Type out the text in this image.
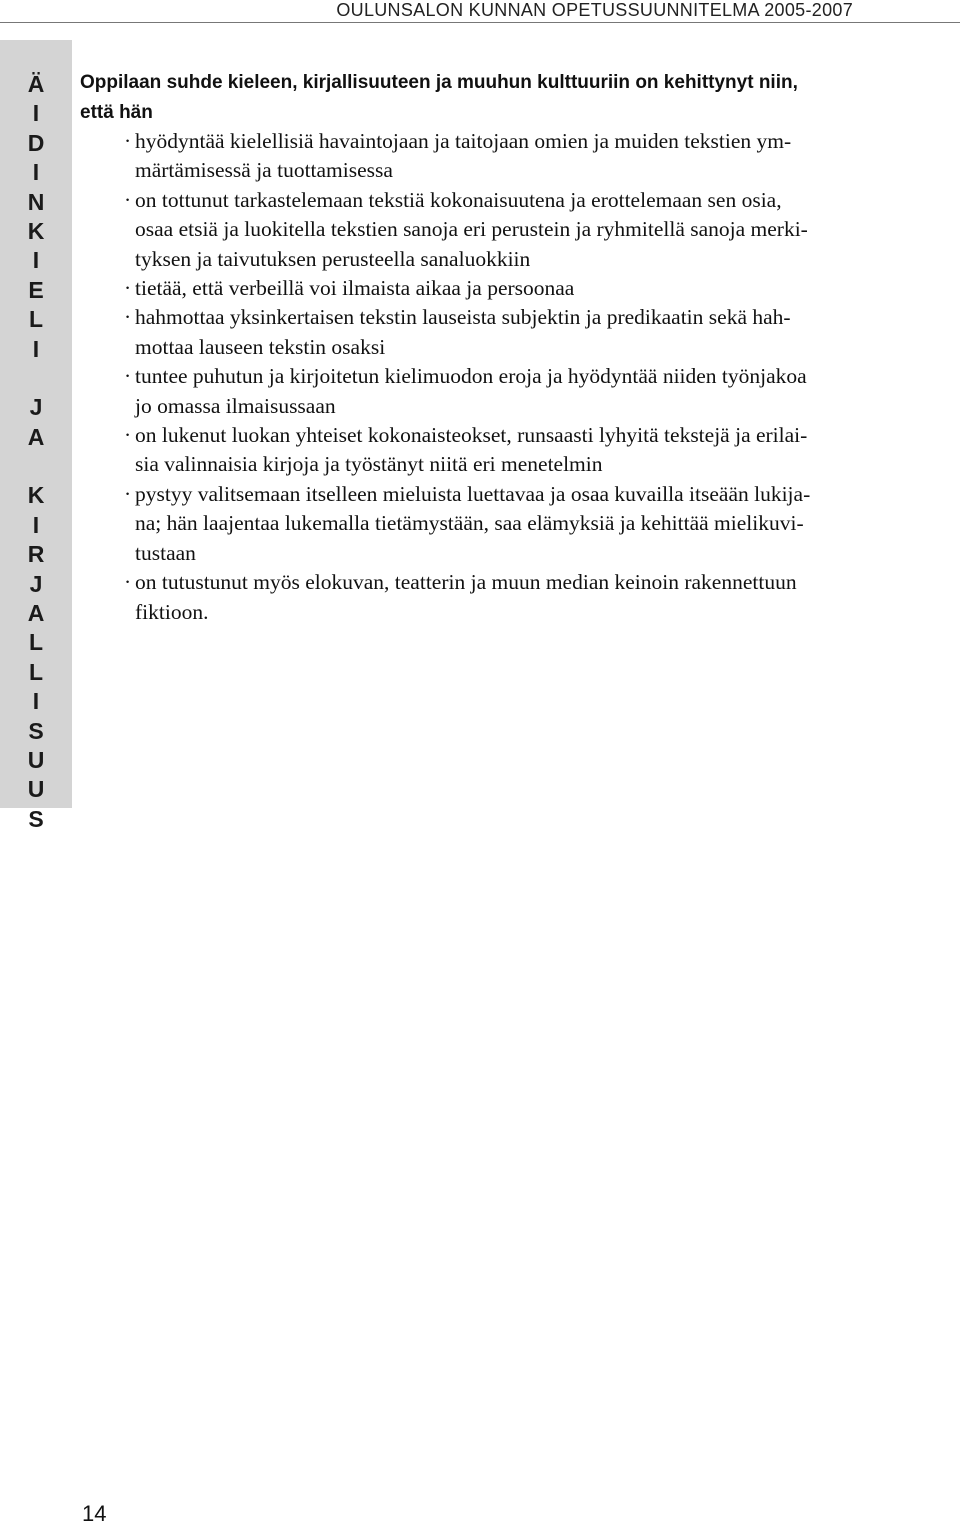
OULUNSALON KUNNAN OPETUSSUUNNITELMA 2005-2007
Ä
I
D
I
N
K
I
E
L
I
J
A
K
I
R
J
A
L
L
I
S
U
U
S

Oppilaan suhde kieleen, kirjallisuuteen ja muuhun kulttuuriin on kehittynyt niin,
että hän

· hyödyntää kielellisiä havaintojaan ja taitojaan omien ja muiden tekstien ym-
märtämisessä ja tuottamisessa
· on tottunut tarkastelemaan tekstiä kokonaisuutena ja erottelemaan sen osia,
osaa etsiä ja luokitella tekstien sanoja eri perustein ja ryhmitellä sanoja merki-
tyksen ja taivutuksen perusteella sanaluokkiin
· tietää, että verbeillä voi ilmaista aikaa ja persoonaa
· hahmottaa yksinkertaisen tekstin lauseista subjektin ja predikaatin sekä hah-
mottaa lauseen tekstin osaksi
· tuntee puhutun ja kirjoitetun kielimuodon eroja ja hyödyntää niiden työnjakoa
jo omassa ilmaisussaan
· on lukenut luokan yhteiset kokonaisteokset, runsaasti lyhyitä tekstejä ja erilai-
sia valinnaisia kirjoja ja työstänyt niitä eri menetelmin
· pystyy valitsemaan itselleen mieluista luettavaa ja osaa kuvailla itseään lukija-
na; hän laajentaa lukemalla tietämystään, saa elämyksiä ja kehittää mielikuvi-
tustaan
· on tutustunut myös elokuvan, teatterin ja muun median keinoin rakennettuun
fiktioon.
14
